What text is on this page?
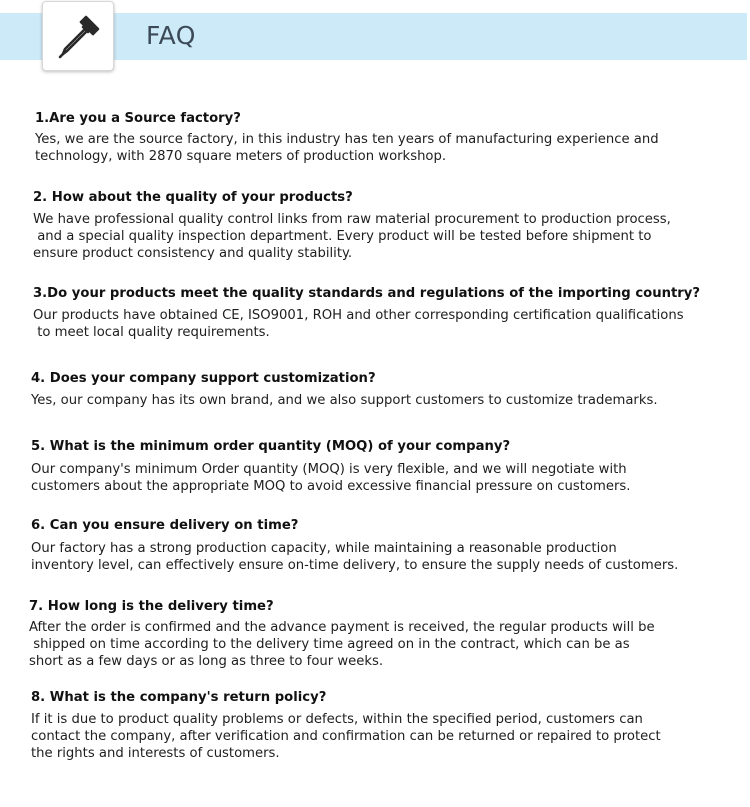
FAQ
1.Are you a Source factory?
Yes, we are the source factory, in this industry has ten years of manufacturing experience and
technology, with 2870 square meters of production workshop.
2. How about the quality of your products?
We have professional quality control links from raw material procurement to production process,
and a special quality inspection department. Every product will be tested before shipment to
ensure product consistency and quality stability.
3.Do your products meet the quality standards and regulations of the importing country?
Our products have obtained CE, ISO9001, ROH and other corresponding certification qualifications
to meet local quality requirements.
4. Does your company support customization?
Yes, our company has its own brand, and we also support customers to customize trademarks.
5. What is the minimum order quantity (MOQ) of your company?
Our company's minimum Order quantity (MOQ) is very flexible, and we will negotiate with
customers about the appropriate MOQ to avoid excessive financial pressure on customers.
6. Can you ensure delivery on time?
Our factory has a strong production capacity, while maintaining a reasonable production
inventory level, can effectively ensure on-time delivery, to ensure the supply needs of customers.
7. How long is the delivery time?
After the order is confirmed and the advance payment is received, the regular products will be
shipped on time according to the delivery time agreed on in the contract, which can be as
short as a few days or as long as three to four weeks.
8. What is the company's return policy?
If it is due to product quality problems or defects, within the specified period, customers can
contact the company, after verification and confirmation can be returned or repaired to protect
the rights and interests of customers.
